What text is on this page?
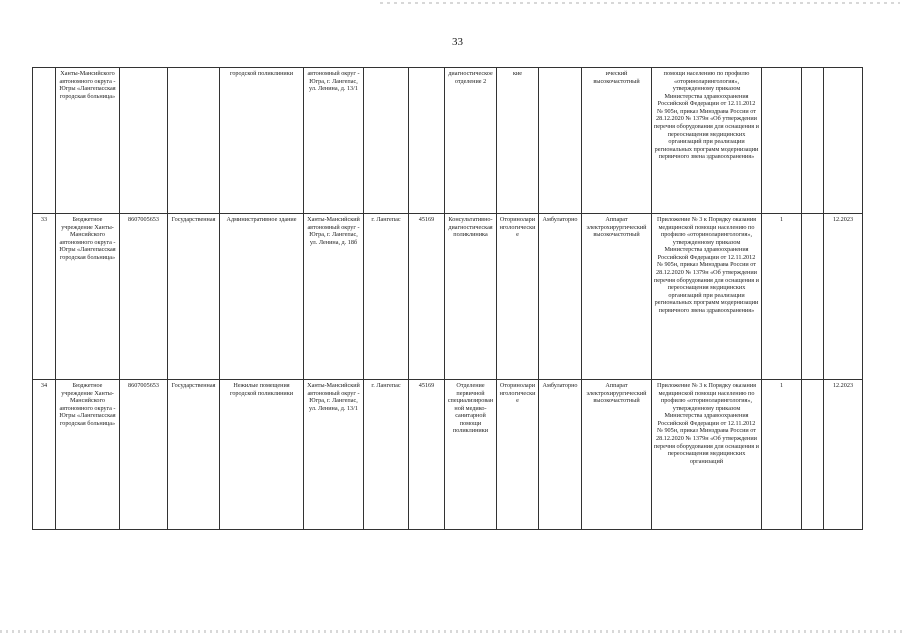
33
	Ханты-Мансийского автономного округа - Югры «Лангепасская городская больница»			городской поликлиники	автономный округ - Югра, г. Лангепас, ул. Ленина, д. 13/1			диагностическое отделение 2	кие		ический высокочастотный	помощи населению по профилю «оториноларингология», утвержденному приказом Министерства здравоохранения Российской Федерации от 12.11.2012 № 905н, приказ Минздрава России от 28.12.2020 № 1379н «Об утверждении перечня оборудования для оснащения и переоснащения медицинских организаций при реализации региональных программ модернизации первичного звена здравоохранения»			
33	Бюджетное учреждение Ханты-Мансийского автономного округа - Югры «Лангепасская городская больница»	8607005653	Государственная	Административное здание	Ханты-Мансийский автономный округ - Югра, г. Лангепас, ул. Ленина, д. 18б	г. Лангепас	45169	Консультативно-диагностическая поликлиника	Оториноларингологические	Амбулаторно	Аппарат электрохирургический высокочастотный	Приложение № 3 к Порядку оказания медицинской помощи населению по профилю «оториноларингология», утвержденному приказом Министерства здравоохранения Российской Федерации от 12.11.2012 № 905н, приказ Минздрава России от 28.12.2020 № 1379н «Об утверждении перечня оборудования для оснащения и переоснащения медицинских организаций при реализации региональных программ модернизации первичного звена здравоохранения»	1		12.2023
34	Бюджетное учреждение Ханты-Мансийского автономного округа - Югры «Лангепасская городская больница»	8607005653	Государственная	Нежилые помещения городской поликлиники	Ханты-Мансийский автономный округ - Югра, г. Лангепас, ул. Ленина, д. 13/1	г. Лангепас	45169	Отделение первичной специализированной медико-санитарной помощи поликлиники	Оториноларингологические	Амбулаторно	Аппарат электрохирургический высокочастотный	Приложение № 3 к Порядку оказания медицинской помощи населению по профилю «оториноларингология», утвержденному приказом Министерства здравоохранения Российской Федерации от 12.11.2012 № 905н, приказ Минздрава России от 28.12.2020 № 1379н «Об утверждении перечня оборудования для оснащения и переоснащения медицинских организаций	1		12.2023
